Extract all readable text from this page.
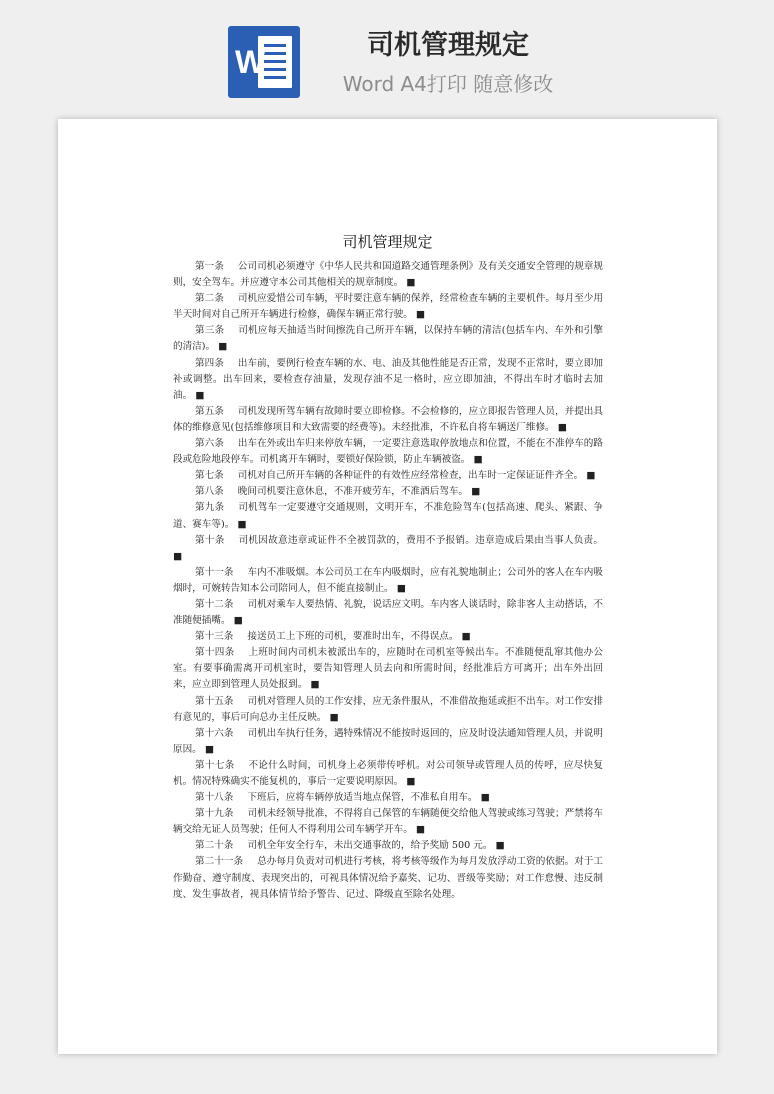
W	司机管理规定
Word A4打印 随意修改
司机管理规定

第一条 公司司机必须遵守《中华人民共和国道路交通管理条例》及有关交通安全管理的规章规则，安全驾车。并应遵守本公司其他相关的规章制度。 ■

第二条 司机应爱惜公司车辆，平时要注意车辆的保养，经常检查车辆的主要机件。每月至少用半天时间对自己所开车辆进行检修，确保车辆正常行驶。 ■

第三条 司机应每天抽适当时间擦洗自己所开车辆，以保持车辆的清洁(包括车内、车外和引擎的清洁)。 ■

第四条 出车前，要例行检查车辆的水、电、油及其他性能是否正常，发现不正常时，要立即加补或调整。出车回来，要检查存油量，发现存油不足一格时，应立即加油，不得出车时才临时去加油。 ■

第五条 司机发现所驾车辆有故障时要立即检修。不会检修的，应立即报告管理人员，并提出具体的维修意见(包括维修项目和大致需要的经费等)。未经批准，不许私自将车辆送厂维修。 ■

第六条 出车在外或出车归来停放车辆，一定要注意选取停放地点和位置，不能在不准停车的路段或危险地段停车。司机离开车辆时，要锁好保险锁，防止车辆被盗。 ■

第七条 司机对自己所开车辆的各种证件的有效性应经常检查，出车时一定保证证件齐全。 ■

第八条 晚间司机要注意休息，不准开疲劳车，不准酒后驾车。 ■

第九条 司机驾车一定要遵守交通规则，文明开车，不准危险驾车(包括高速、爬头、紧跟、争道、赛车等)。 ■

第十条 司机因故意违章或证件不全被罚款的，费用不予报销。违章造成后果由当事人负责。 ■

第十一条 车内不准吸烟。本公司员工在车内吸烟时，应有礼貌地制止；公司外的客人在车内吸烟时，可婉转告知本公司陪同人，但不能直接制止。 ■

第十二条 司机对乘车人要热情、礼貌，说话应文明。车内客人谈话时，除非客人主动搭话，不准随便插嘴。 ■

第十三条 接送员工上下班的司机，要准时出车，不得误点。 ■

第十四条 上班时间内司机未被派出车的，应随时在司机室等候出车。不准随便乱窜其他办公室。有要事确需离开司机室时，要告知管理人员去向和所需时间，经批准后方可离开；出车外出回来，应立即到管理人员处报到。 ■

第十五条 司机对管理人员的工作安排，应无条件服从，不准借故拖延或拒不出车。对工作安排有意见的，事后可向总办主任反映。 ■

第十六条 司机出车执行任务，遇特殊情况不能按时返回的，应及时设法通知管理人员，并说明原因。 ■

第十七条 不论什么时间，司机身上必须带传呼机。对公司领导或管理人员的传呼，应尽快复机。情况特殊确实不能复机的，事后一定要说明原因。 ■

第十八条 下班后，应将车辆停放适当地点保管，不准私自用车。 ■

第十九条 司机未经领导批准，不得将自己保管的车辆随便交给他人驾驶或练习驾驶；严禁将车辆交给无证人员驾驶；任何人不得利用公司车辆学开车。 ■

第二十条 司机全年安全行车，未出交通事故的，给予奖励 500 元。 ■

第二十一条 总办每月负责对司机进行考核，将考核等级作为每月发放浮动工资的依据。对于工作勤奋、遵守制度、表现突出的，可视具体情况给予嘉奖、记功、晋级等奖励；对工作怠慢、违反制度、发生事故者，视具体情节给予警告、记过、降级直至除名处理。
